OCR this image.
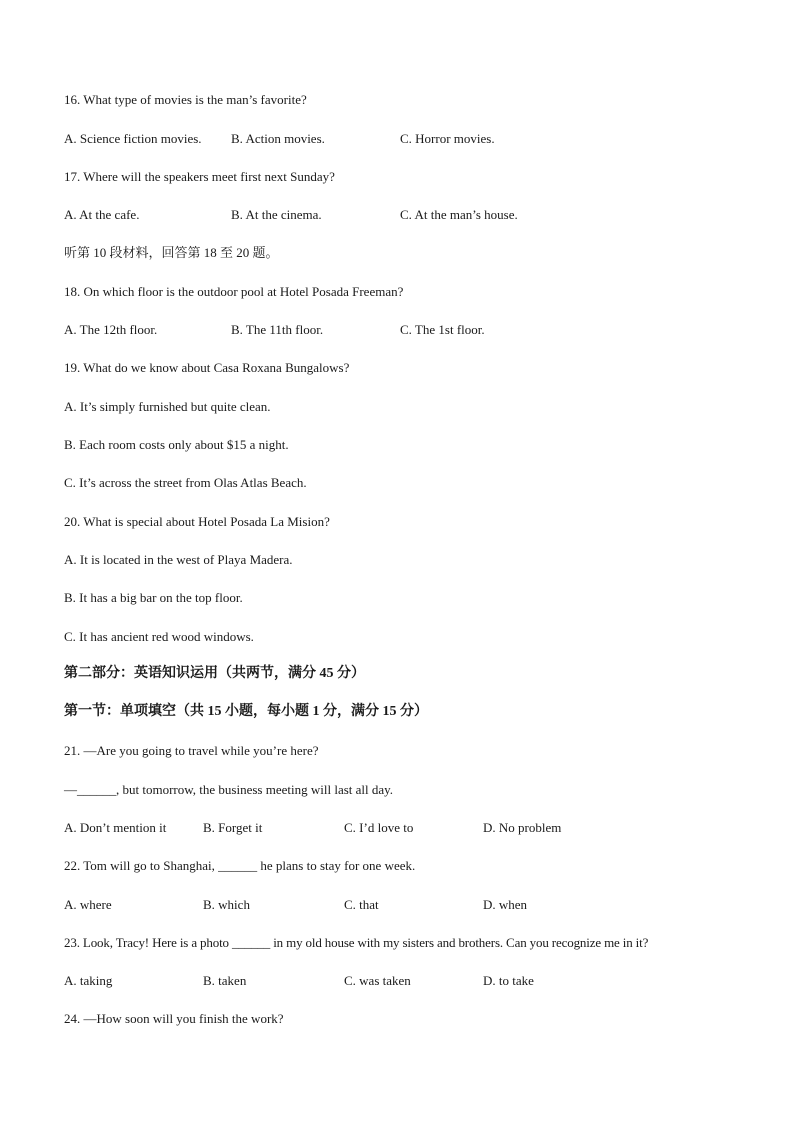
16. What type of movies is the man’s favorite?
A. Science fiction movies. B. Action movies.	C. Horror movies.
17. Where will the speakers meet first next Sunday?
A. At the cafe.	B. At the cinema.	C. At the man’s house.
听第 10 段材料，回答第 18 至 20 题。
18. On which floor is the outdoor pool at Hotel Posada Freeman?
A. The 12th floor.	B. The 11th floor.	C. The 1st floor.
19. What do we know about Casa Roxana Bungalows?
A. It’s simply furnished but quite clean.
B. Each room costs only about $15 a night.
C. It’s across the street from Olas Atlas Beach.
20. What is special about Hotel Posada La Mision?
A. It is located in the west of Playa Madera.
B. It has a big bar on the top floor.
C. It has ancient red wood windows.
第二部分：英语知识运用（共两节，满分 45 分）
第一节：单项填空（共 15 小题，每小题 1 分，满分 15 分）
21. —Are you going to travel while you’re here?
—______, but tomorrow, the business meeting will last all day.
A. Don’t mention it	B. Forget it	C. I’d love to	D. No problem
22. Tom will go to Shanghai, ______ he plans to stay for one week.
A. where	B. which	C. that	D. when
23. Look, Tracy! Here is a photo ______ in my old house with my sisters and brothers. Can you recognize me in it?
A. taking	B. taken	C. was taken	D. to take
24. —How soon will you finish the work?
